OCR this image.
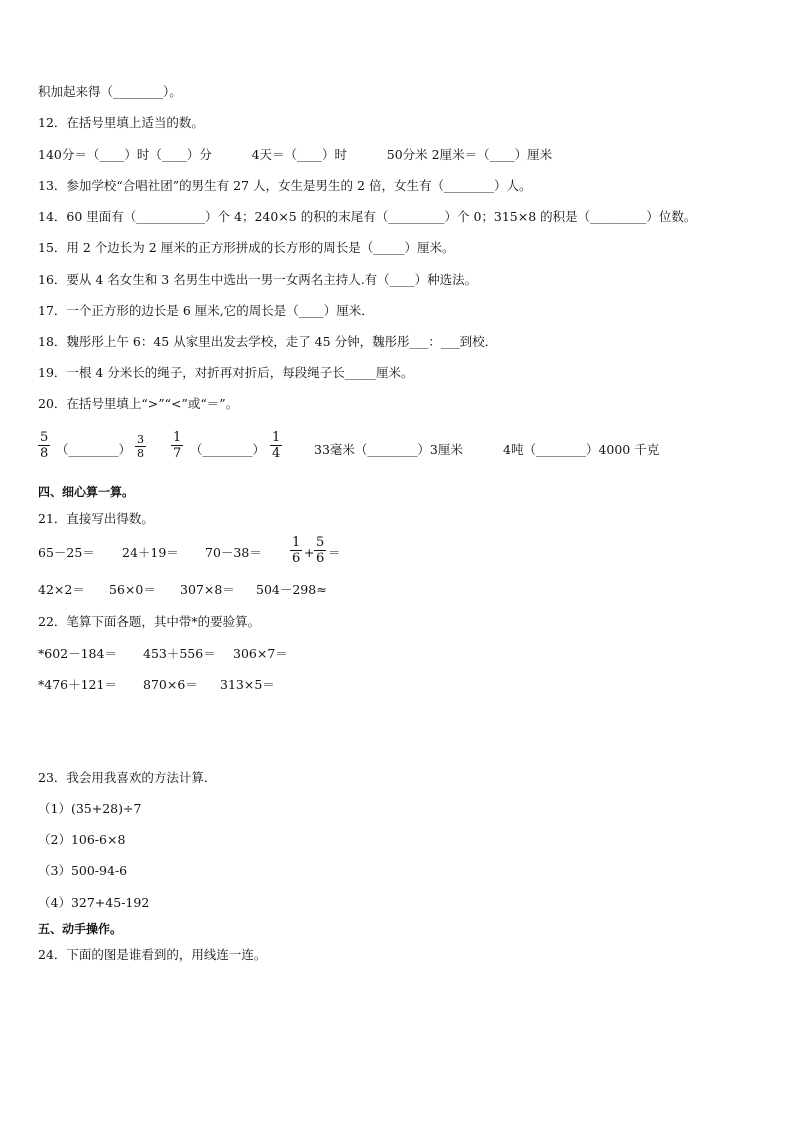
积加起来得（________）。
12．在括号里填上适当的数。
140分＝（____）时（____）分          4天＝（____）时          50分米 2厘米＝（____）厘米
13．参加学校“合唱社团”的男生有 27 人，女生是男生的 2 倍，女生有（________）人。
14．60 里面有（___________）个 4；240×5 的积的末尾有（_________）个 0；315×8 的积是（_________）位数。
15．用 2 个边长为 2 厘米的正方形拼成的长方形的周长是（_____）厘米。
16．要从 4 名女生和 3 名男生中选出一男一女两名主持人.有（____）种选法。
17．一个正方形的边长是 6 厘米,它的周长是（____）厘米．
18．魏彤彤上午 6：45 从家里出发去学校，走了 45 分钟，魏彤彤___：___到校．
19．一根 4 分米长的绳子，对折再对折后，每段绳子长_____厘米。
20．在括号里填上“>”“<”或“＝”。
$\frac{5}{8}$ （________） $\frac{3}{8} \frac{1}{7}$ （________） $\frac{1}{4}$	33毫米（________）3厘米	4吨（________）4000 千克
四、细心算一算。
21．直接写出得数。
$65-25= 24+19= 70-38= \frac{1}{6} + \frac{5}{6}$ ＝
42×2＝ 56×0＝ 307×8＝ 504－298≈
22．笔算下面各题，其中带*的要验算。
*602－184＝ 453＋556＝ 306×7＝
*476＋121＝ 870×6＝ 313×5＝
23．我会用我喜欢的方法计算．
（1）(35+28)÷7
（2）106-6×8
（3）500-94-6
（4）327+45-192
五、动手操作。
24．下面的图是谁看到的，用线连一连。
